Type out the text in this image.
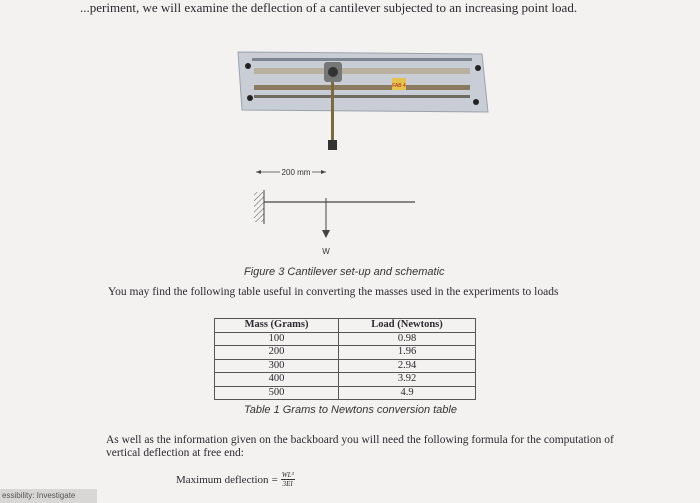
...periment, we will examine the deflection of a cantilever subjected to an increasing point load.
FAB 4
200 mm
W
Figure 3 Cantilever set-up and schematic
You may find the following table useful in converting the masses used in the experiments to loads
Mass (Grams)	Load (Newtons)
100	0.98
200	1.96
300	2.94
400	3.92
500	4.9
Table 1 Grams to Newtons conversion table
As well as the information given on the backboard you will need the following formula for the computation of
vertical deflection at free end:
Maximum deflection = $\frac{\text{WL³}}{3EI}$
essibility: Investigate
